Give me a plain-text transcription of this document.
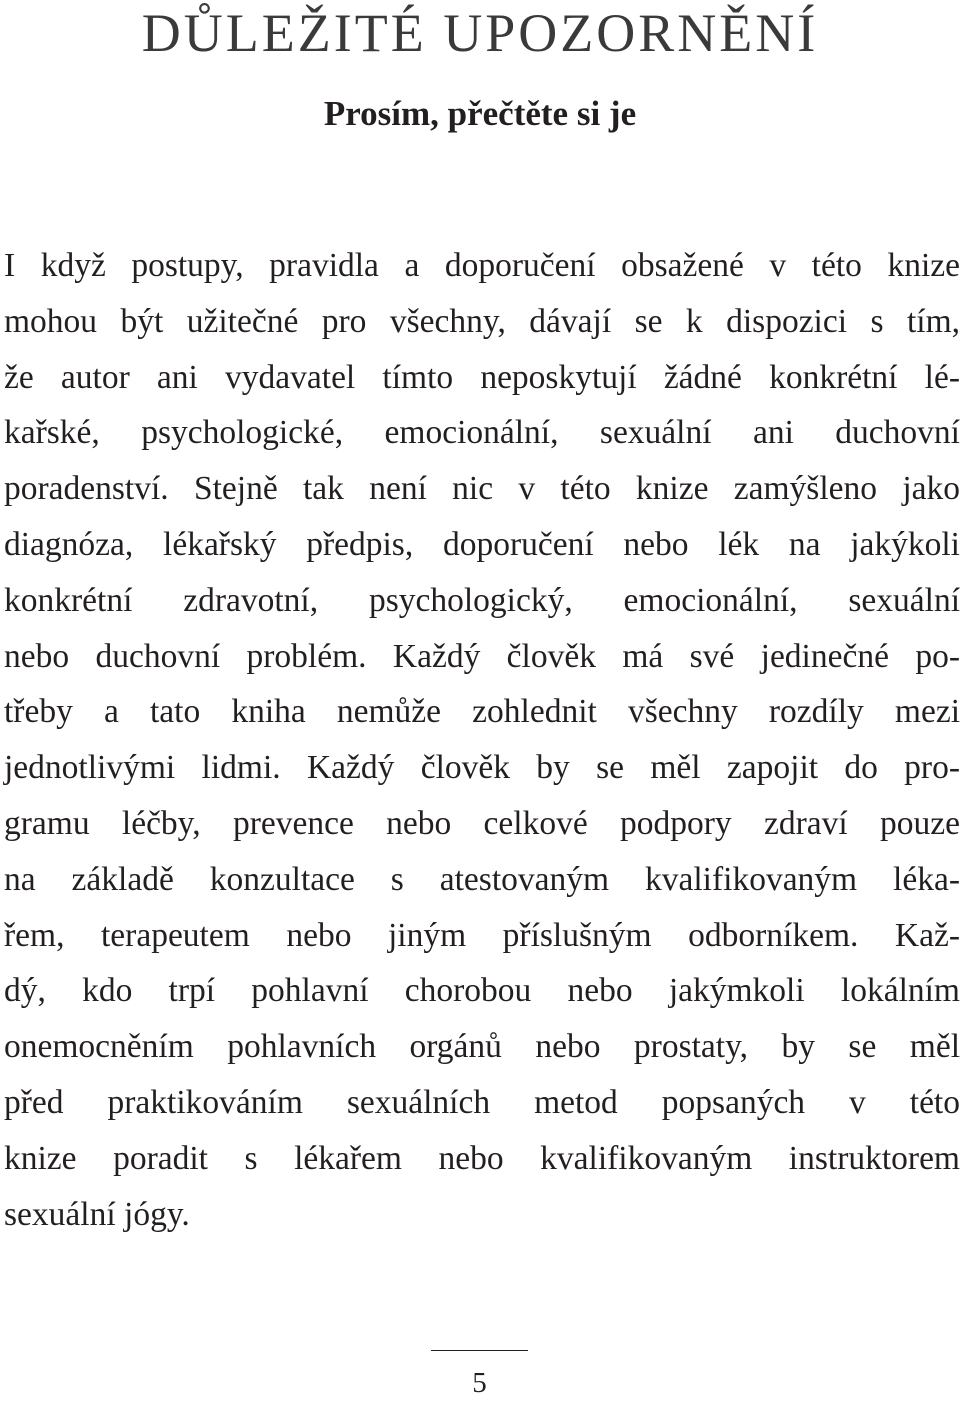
DŮLEŽITÉ UPOZORNĚNÍ
Prosím, přečtěte si je

I když postupy, pravidla a doporučení obsažené v této knize
mohou být užitečné pro všechny, dávají se k dispozici s tím,
že autor ani vydavatel tímto neposkytují žádné konkrétní lé-
kařské, psychologické, emocionální, sexuální ani duchovní
poradenství. Stejně tak není nic v této knize zamýšleno jako
diagnóza, lékařský předpis, doporučení nebo lék na jakýkoli
konkrétní zdravotní, psychologický, emocionální, sexuální
nebo duchovní problém. Každý člověk má své jedinečné po-
třeby a tato kniha nemůže zohlednit všechny rozdíly mezi
jednotlivými lidmi. Každý člověk by se měl zapojit do pro-
gramu léčby, prevence nebo celkové podpory zdraví pouze
na základě konzultace s atestovaným kvalifikovaným léka-
řem, terapeutem nebo jiným příslušným odborníkem. Kaž-
dý, kdo trpí pohlavní chorobou nebo jakýmkoli lokálním
onemocněním pohlavních orgánů nebo prostaty, by se měl
před praktikováním sexuálních metod popsaných v této
knize poradit s lékařem nebo kvalifikovaným instruktorem
sexuální jógy.

5
